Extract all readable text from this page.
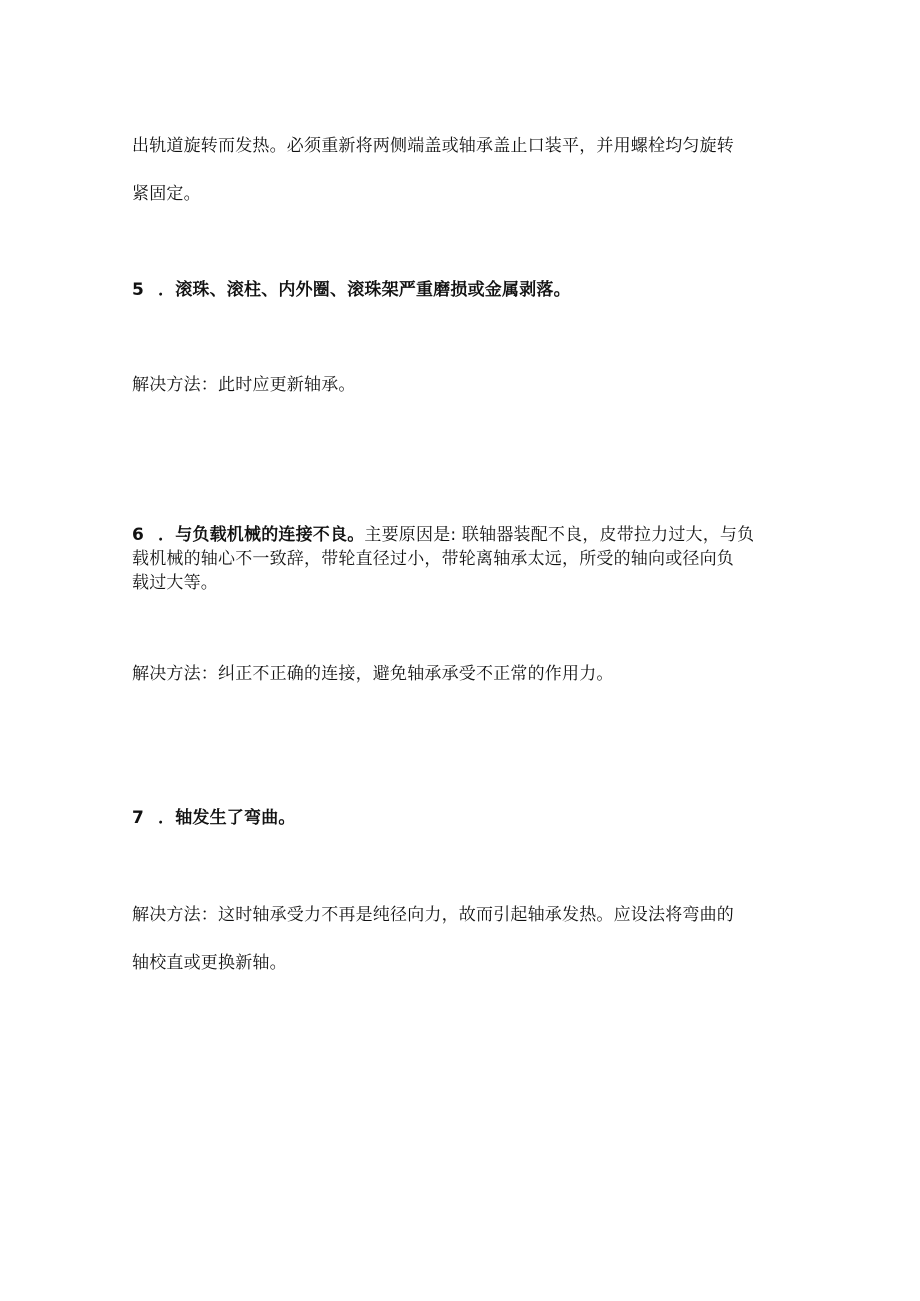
出轨道旋转而发热。必须重新将两侧端盖或轴承盖止口装平，并用螺栓均匀旋转
紧固定。
5 ．滚珠、滚柱、内外圈、滚珠架严重磨损或金属剥落。
解决方法：此时应更新轴承。
6 ．与负载机械的连接不良。主要原因是: 联轴器装配不良，皮带拉力过大，与负
载机械的轴心不一致辞，带轮直径过小，带轮离轴承太远，所受的轴向或径向负
载过大等。
解决方法：纠正不正确的连接，避免轴承承受不正常的作用力。
7 ．轴发生了弯曲。
解决方法：这时轴承受力不再是纯径向力，故而引起轴承发热。应设法将弯曲的
轴校直或更换新轴。
